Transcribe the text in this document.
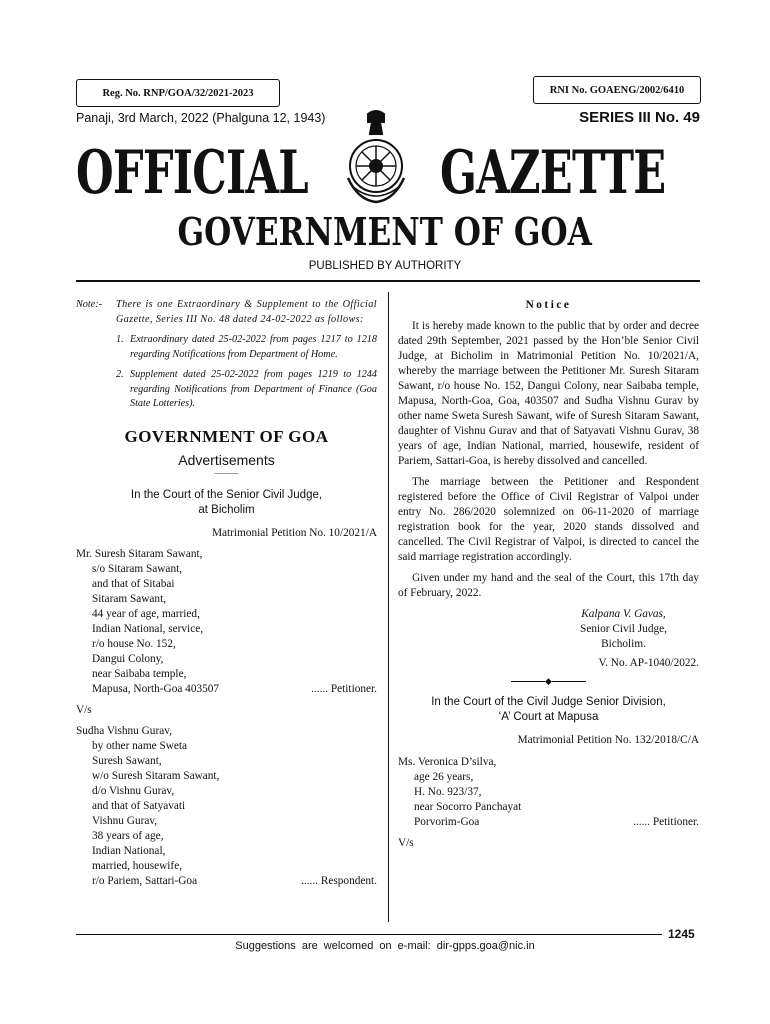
Reg. No. RNP/GOA/32/2021-2023	RNI No. GOAENG/2002/6410
Panaji, 3rd March, 2022 (Phalguna 12, 1943)	SERIES III No. 49
OFFICIAL GAZETTE
GOVERNMENT OF GOA
PUBLISHED BY AUTHORITY
Note:- There is one Extraordinary & Supplement to the Official Gazette, Series III No. 48 dated 24-02-2022 as follows:

1. Extraordinary dated 25-02-2022 from pages 1217 to 1218 regarding Notifications from Department of Home.

2. Supplement dated 25-02-2022 from pages 1219 to 1244 regarding Notifications from Department of Finance (Goa State Lotteries).

GOVERNMENT OF GOA
Advertisements
———
In the Court of the Senior Civil Judge,
at Bicholim
Matrimonial Petition No. 10/2021/A
Mr. Suresh Sitaram Sawant,
s/o Sitaram Sawant,
and that of Sitabai
Sitaram Sawant,
44 year of age, married,
Indian National, service,
r/o house No. 152,
Dangui Colony,
near Saibaba temple,
Mapusa, North-Goa 403507	...... Petitioner.
V/s
Sudha Vishnu Gurav,
by other name Sweta
Suresh Sawant,
w/o Suresh Sitaram Sawant,
d/o Vishnu Gurav,
and that of Satyavati
Vishnu Gurav,
38 years of age,
Indian National,
married, housewife,
r/o Pariem, Sattari-Goa	...... Respondent.
Notice

It is hereby made known to the public that by order and decree dated 29th September, 2021 passed by the Hon’ble Senior Civil Judge, at Bicholim in Matrimonial Petition No. 10/2021/A, whereby the marriage between the Petitioner Mr. Suresh Sitaram Sawant, r/o house No. 152, Dangui Colony, near Saibaba temple, Mapusa, North-Goa, Goa, 403507 and Sudha Vishnu Gurav by other name Sweta Suresh Sawant, wife of Suresh Sitaram Sawant, daughter of Vishnu Gurav and that of Satyavati Vishnu Gurav, 38 years of age, Indian National, married, housewife, resident of Pariem, Sattari-Goa, is hereby dissolved and cancelled.

The marriage between the Petitioner and Respondent registered before the Office of Civil Registrar of Valpoi under entry No. 286/2020 solemnized on 06-11-2020 of marriage registration book for the year, 2020 stands dissolved and cancelled. The Civil Registrar of Valpoi, is directed to cancel the said marriage registration accordingly.

Given under my hand and the seal of the Court, this 17th day of February, 2022.

Kalpana V. Gavas,
Senior Civil Judge,
Bicholim.
V. No. AP-1040/2022.
◆
In the Court of the Civil Judge Senior Division,
‘A’ Court at Mapusa
Matrimonial Petition No. 132/2018/C/A
Ms. Veronica D’silva,
age 26 years,
H. No. 923/37,
near Socorro Panchayat
Porvorim-Goa	...... Petitioner.
V/s
1245
Suggestions are welcomed on e-mail: dir-gpps.goa@nic.in
